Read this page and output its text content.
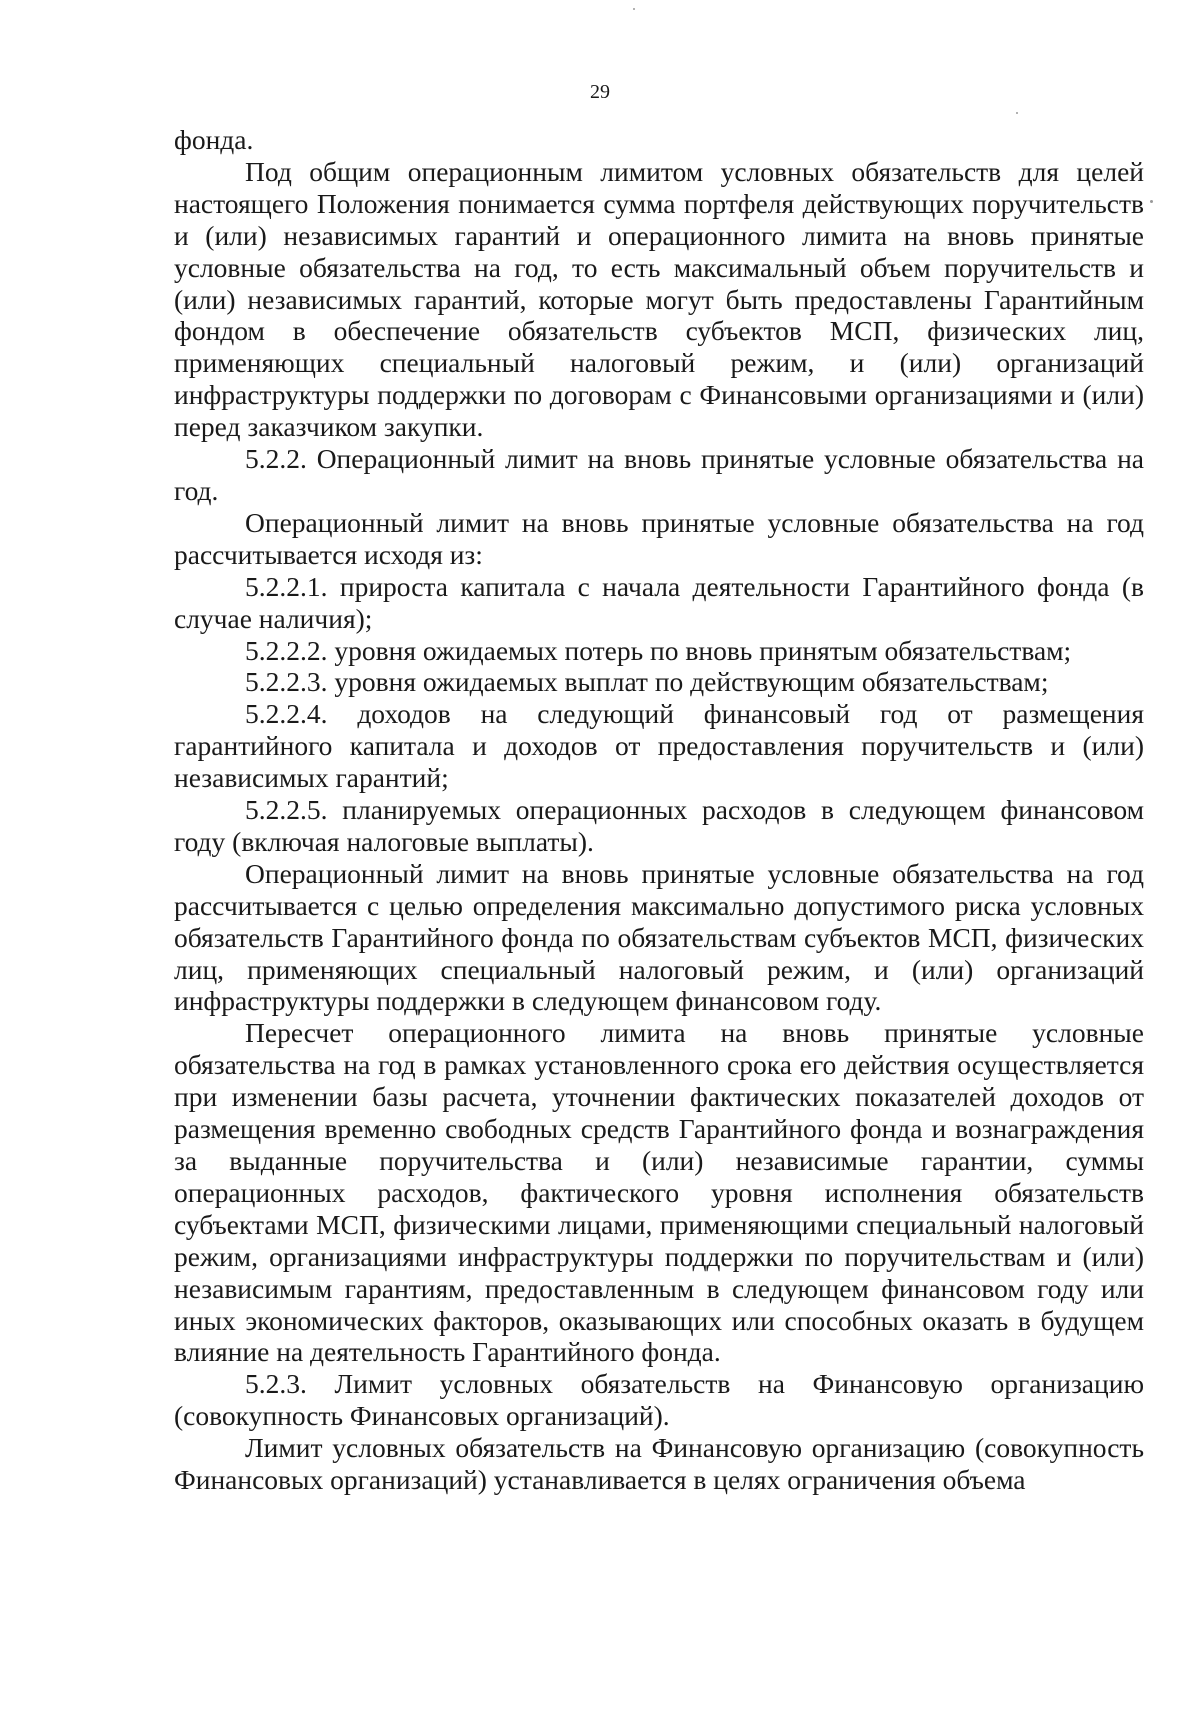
29

фонда.

Под общим операционным лимитом условных обязательств для целей настоящего Положения понимается сумма портфеля действующих поручительств и (или) независимых гарантий и операционного лимита на вновь принятые условные обязательства на год, то есть максимальный объем поручительств и (или) независимых гарантий, которые могут быть предоставлены Гарантийным фондом в обеспечение обязательств субъектов МСП, физических лиц, применяющих специальный налоговый режим, и (или) организаций инфраструктуры поддержки по договорам с Финансовыми организациями и (или) перед заказчиком закупки.

5.2.2. Операционный лимит на вновь принятые условные обязательства на год.

Операционный лимит на вновь принятые условные обязательства на год рассчитывается исходя из:

5.2.2.1. прироста капитала с начала деятельности Гарантийного фонда (в случае наличия);

5.2.2.2. уровня ожидаемых потерь по вновь принятым обязательствам;

5.2.2.3. уровня ожидаемых выплат по действующим обязательствам;

5.2.2.4. доходов на следующий финансовый год от размещения гарантийного капитала и доходов от предоставления поручительств и (или) независимых гарантий;

5.2.2.5. планируемых операционных расходов в следующем финансовом году (включая налоговые выплаты).

Операционный лимит на вновь принятые условные обязательства на год рассчитывается с целью определения максимально допустимого риска условных обязательств Гарантийного фонда по обязательствам субъектов МСП, физических лиц, применяющих специальный налоговый режим, и (или) организаций инфраструктуры поддержки в следующем финансовом году.

Пересчет операционного лимита на вновь принятые условные обязательства на год в рамках установленного срока его действия осуществляется при изменении базы расчета, уточнении фактических показателей доходов от размещения временно свободных средств Гарантийного фонда и вознаграждения за выданные поручительства и (или) независимые гарантии, суммы операционных расходов, фактического уровня исполнения обязательств субъектами МСП, физическими лицами, применяющими специальный налоговый режим, организациями инфраструктуры поддержки по поручительствам и (или) независимым гарантиям, предоставленным в следующем финансовом году или иных экономических факторов, оказывающих или способных оказать в будущем влияние на деятельность Гарантийного фонда.

5.2.3. Лимит условных обязательств на Финансовую организацию (совокупность Финансовых организаций).

Лимит условных обязательств на Финансовую организацию (совокупность Финансовых организаций) устанавливается в целях ограничения объема
